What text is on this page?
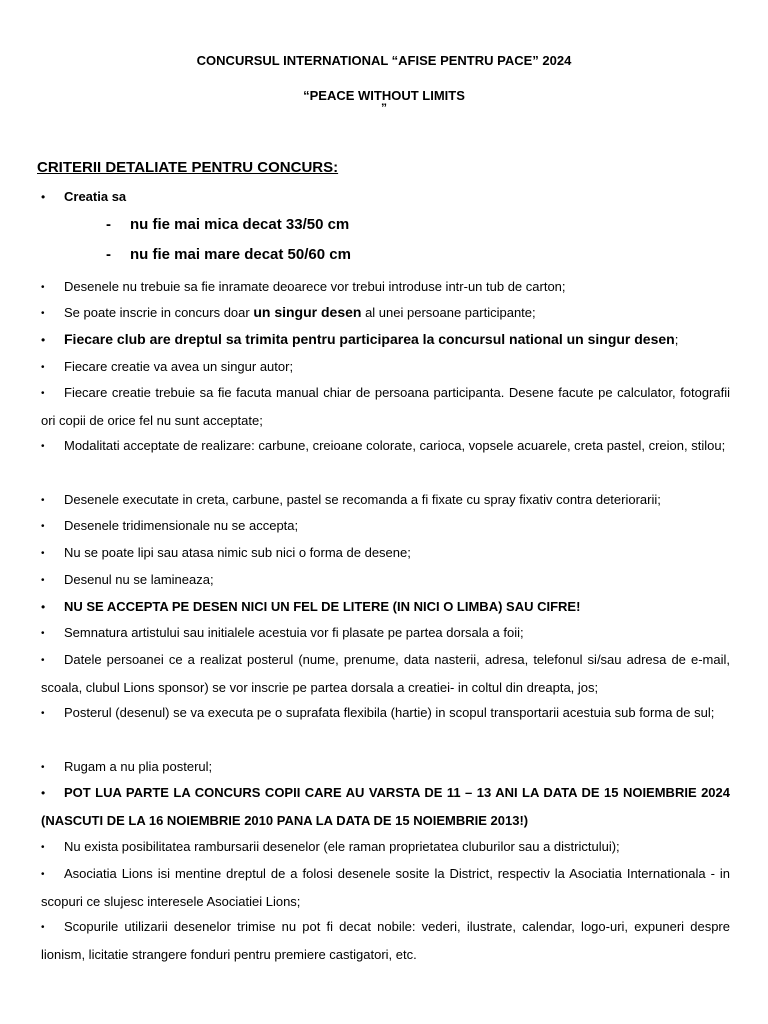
CONCURSUL INTERNATIONAL “AFISE PENTRU PACE” 2024
“PEACE WITHOUT LIMITS
”
CRITERII DETALIATE PENTRU CONCURS:
• Creatia sa
- nu fie mai mica decat 33/50 cm
- nu fie mai mare decat 50/60 cm
• Desenele nu trebuie sa fie inramate deoarece vor trebui introduse intr-un tub de carton;
• Se poate inscrie in concurs doar un singur desen al unei persoane participante;
• Fiecare club are dreptul sa trimita pentru participarea la concursul national un singur desen;
• Fiecare creatie va avea un singur autor;
• Fiecare creatie trebuie sa fie facuta manual chiar de persoana participanta. Desene facute pe calculator, fotografii ori copii de orice fel nu sunt acceptate;
• Modalitati acceptate de realizare: carbune, creioane colorate, carioca, vopsele acuarele, creta pastel, creion, stilou;
• Desenele executate in creta, carbune, pastel se recomanda a fi fixate cu spray fixativ contra deteriorarii;
• Desenele tridimensionale nu se accepta;
• Nu se poate lipi sau atasa nimic sub nici o forma de desene;
• Desenul nu se lamineaza;
• NU SE ACCEPTA PE DESEN NICI UN FEL DE LITERE (IN NICI O LIMBA) SAU CIFRE!
• Semnatura artistului sau initialele acestuia vor fi plasate pe partea dorsala a foii;
• Datele persoanei ce a realizat posterul (nume, prenume, data nasterii, adresa, telefonul si/sau adresa de e-mail, scoala, clubul Lions sponsor) se vor inscrie pe partea dorsala a creatiei- in coltul din dreapta, jos;
• Posterul (desenul) se va executa pe o suprafata flexibila (hartie) in scopul transportarii acestuia sub forma de sul;
• Rugam a nu plia posterul;
• POT LUA PARTE LA CONCURS COPII CARE AU VARSTA DE 11 – 13 ANI LA DATA DE 15 NOIEMBRIE 2024 (NASCUTI DE LA 16 NOIEMBRIE 2010 PANA LA DATA DE 15 NOIEMBRIE 2013!)
• Nu exista posibilitatea rambursarii desenelor (ele raman proprietatea cluburilor sau a districtului);
• Asociatia Lions isi mentine dreptul de a folosi desenele sosite la District, respectiv la Asociatia Internationala - in scopuri ce slujesc interesele Asociatiei Lions;
• Scopurile utilizarii desenelor trimise nu pot fi decat nobile: vederi, ilustrate, calendar, logo-uri, expuneri despre lionism, licitatie strangere fonduri pentru premiere castigatori, etc.
